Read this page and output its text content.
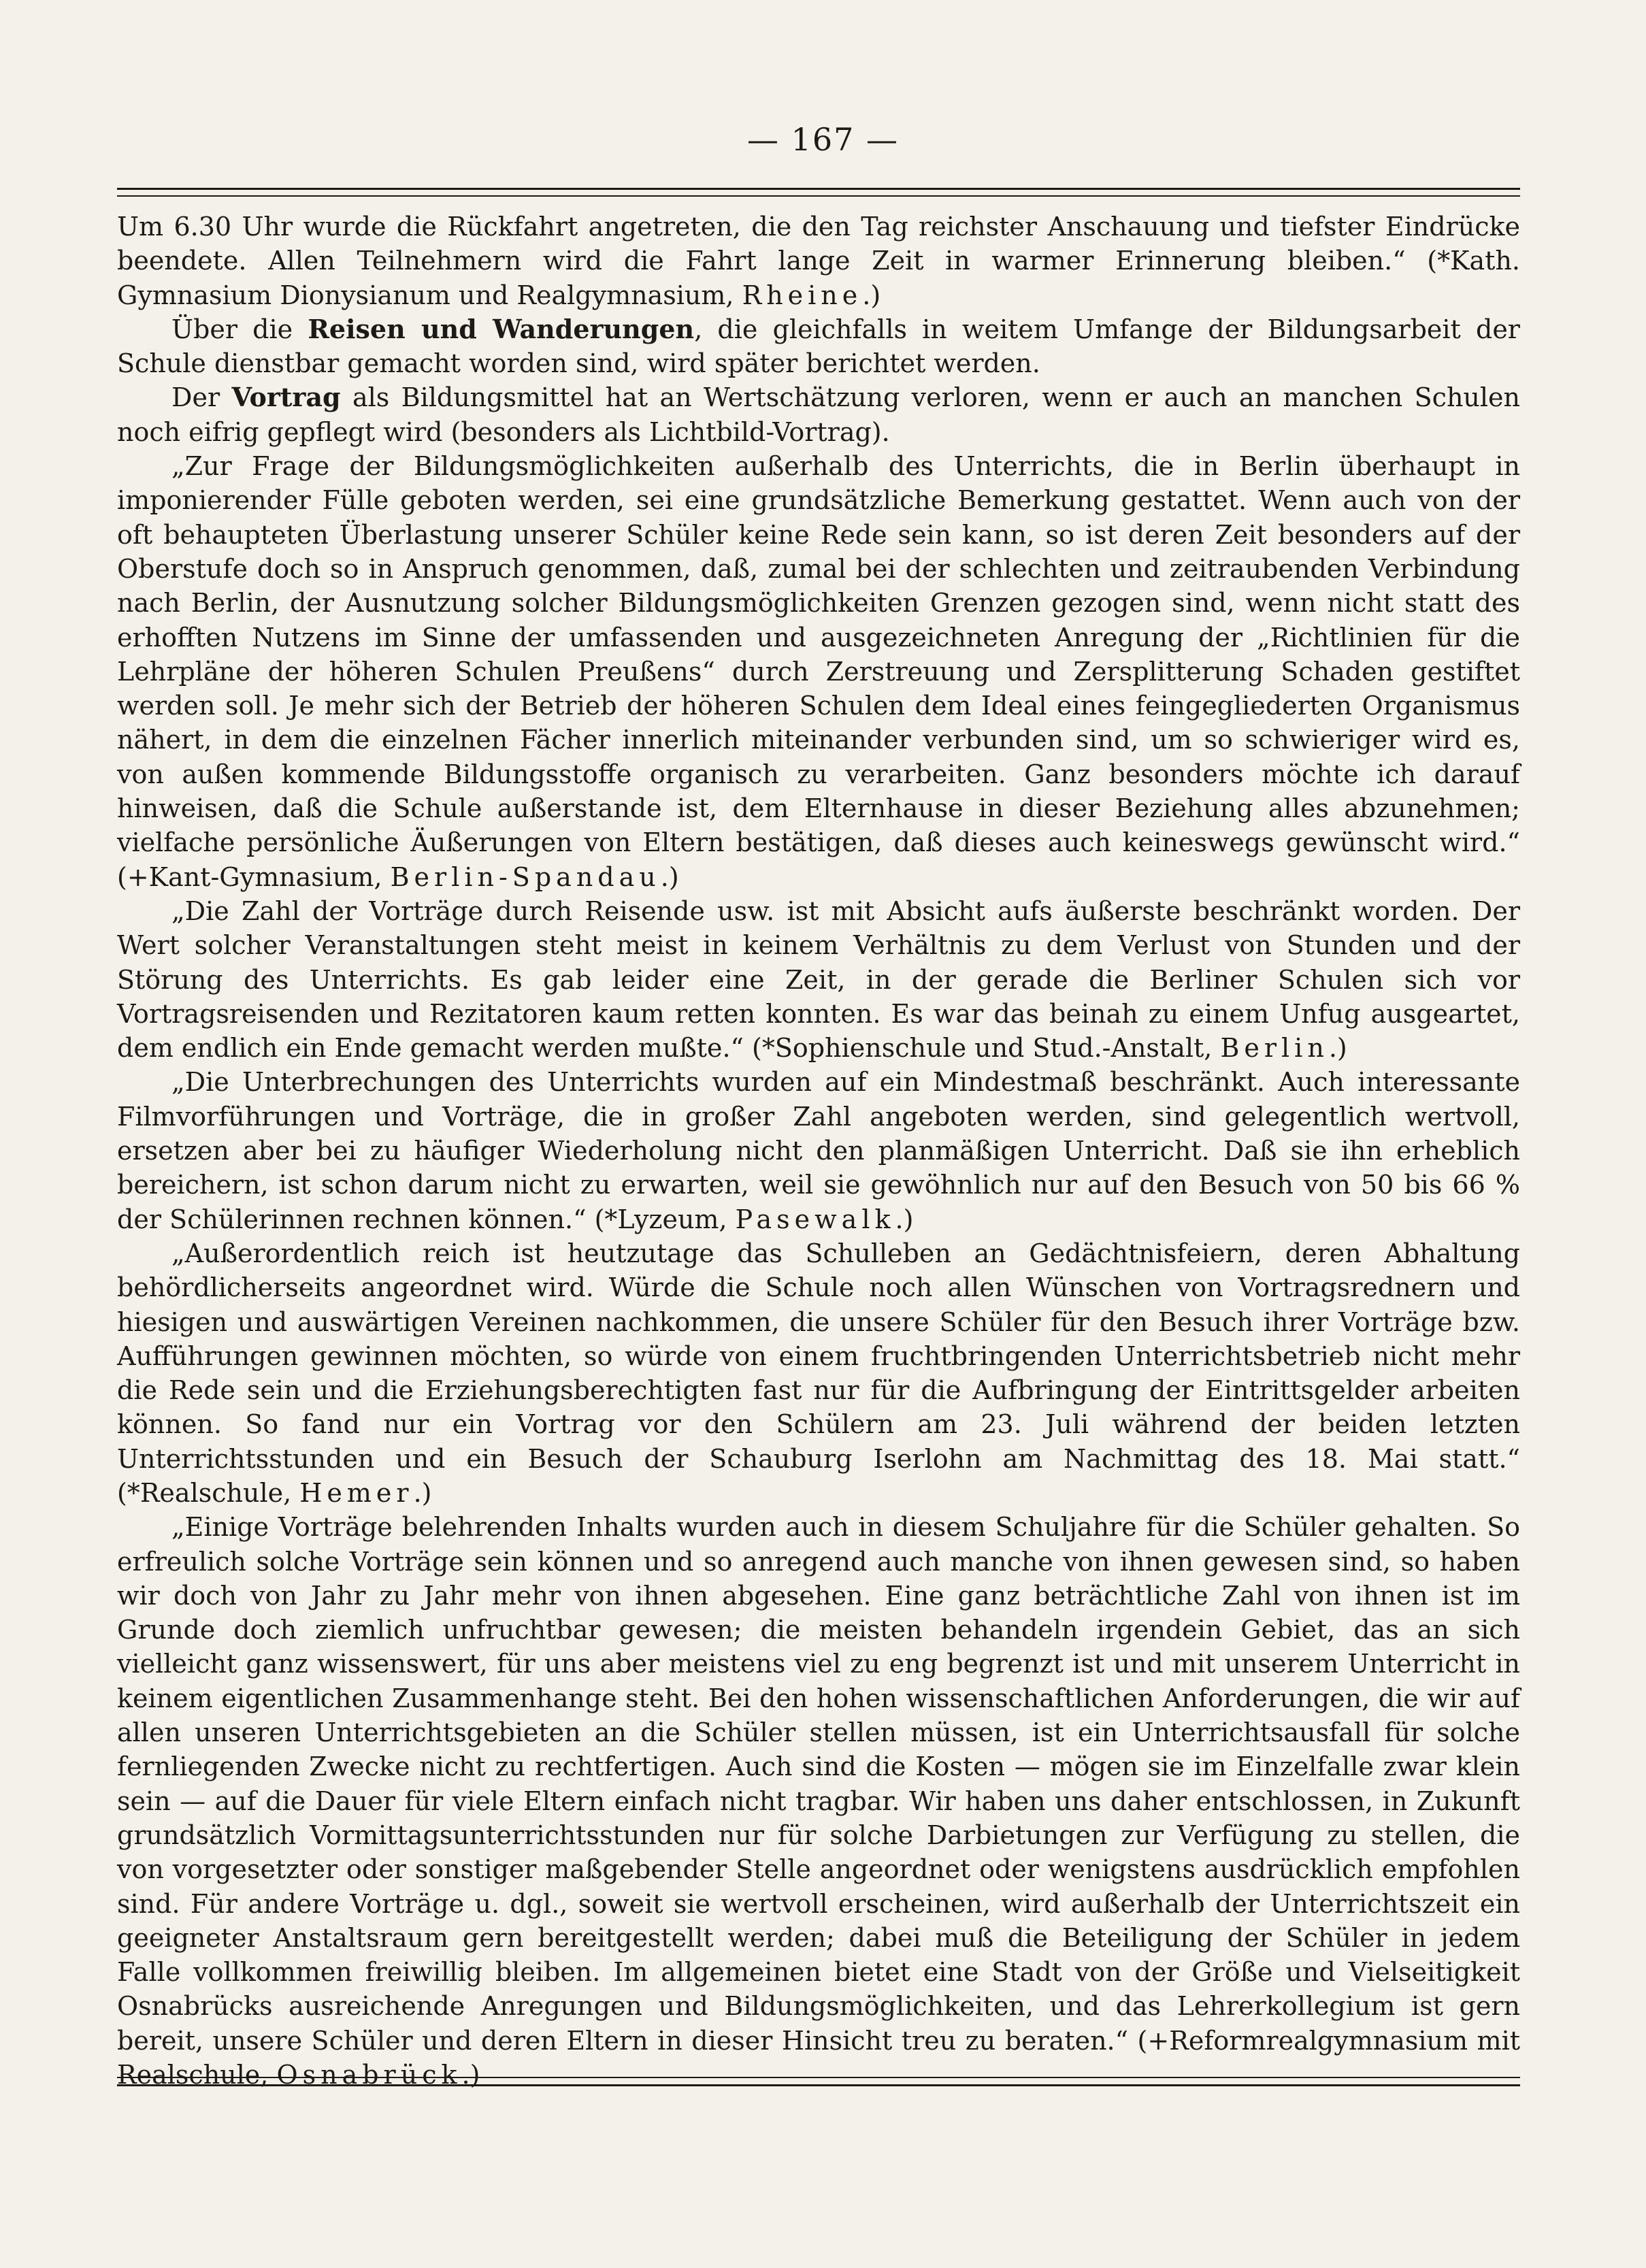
— 167 —

Um 6.30 Uhr wurde die Rückfahrt angetreten, die den Tag reichster Anschauung und tiefster Eindrücke beendete. Allen Teilnehmern wird die Fahrt lange Zeit in warmer Erinnerung bleiben.“ (*Kath. Gymnasium Dionysianum und Realgymnasium, Rheine.)

Über die Reisen und Wanderungen, die gleichfalls in weitem Umfange der Bildungsarbeit der Schule dienstbar gemacht worden sind, wird später berichtet werden.

Der Vortrag als Bildungsmittel hat an Wertschätzung verloren, wenn er auch an manchen Schulen noch eifrig gepflegt wird (besonders als Lichtbild-Vortrag).

„Zur Frage der Bildungsmöglichkeiten außerhalb des Unterrichts, die in Berlin überhaupt in imponierender Fülle geboten werden, sei eine grundsätzliche Bemerkung gestattet. Wenn auch von der oft behaupteten Überlastung unserer Schüler keine Rede sein kann, so ist deren Zeit besonders auf der Oberstufe doch so in Anspruch genommen, daß, zumal bei der schlechten und zeitraubenden Verbindung nach Berlin, der Ausnutzung solcher Bildungsmöglichkeiten Grenzen gezogen sind, wenn nicht statt des erhofften Nutzens im Sinne der umfassenden und ausgezeichneten Anregung der „Richtlinien für die Lehrpläne der höheren Schulen Preußens“ durch Zerstreuung und Zersplitterung Schaden gestiftet werden soll. Je mehr sich der Betrieb der höheren Schulen dem Ideal eines feingegliederten Organismus nähert, in dem die einzelnen Fächer innerlich miteinander verbunden sind, um so schwieriger wird es, von außen kommende Bildungsstoffe organisch zu verarbeiten. Ganz besonders möchte ich darauf hinweisen, daß die Schule außerstande ist, dem Elternhause in dieser Beziehung alles abzunehmen; vielfache persönliche Äußerungen von Eltern bestätigen, daß dieses auch keineswegs gewünscht wird.“ (+Kant-Gymnasium, Berlin-Spandau.)

„Die Zahl der Vorträge durch Reisende usw. ist mit Absicht aufs äußerste beschränkt worden. Der Wert solcher Veranstaltungen steht meist in keinem Verhältnis zu dem Verlust von Stunden und der Störung des Unterrichts. Es gab leider eine Zeit, in der gerade die Berliner Schulen sich vor Vortragsreisenden und Rezitatoren kaum retten konnten. Es war das beinah zu einem Unfug ausgeartet, dem endlich ein Ende gemacht werden mußte.“ (*Sophienschule und Stud.-Anstalt, Berlin.)

„Die Unterbrechungen des Unterrichts wurden auf ein Mindestmaß beschränkt. Auch interessante Filmvorführungen und Vorträge, die in großer Zahl angeboten werden, sind gelegentlich wertvoll, ersetzen aber bei zu häufiger Wiederholung nicht den planmäßigen Unterricht. Daß sie ihn erheblich bereichern, ist schon darum nicht zu erwarten, weil sie gewöhnlich nur auf den Besuch von 50 bis 66 % der Schülerinnen rechnen können.“ (*Lyzeum, Pasewalk.)

„Außerordentlich reich ist heutzutage das Schulleben an Gedächtnisfeiern, deren Abhaltung behördlicherseits angeordnet wird. Würde die Schule noch allen Wünschen von Vortragsrednern und hiesigen und auswärtigen Vereinen nachkommen, die unsere Schüler für den Besuch ihrer Vorträge bzw. Aufführungen gewinnen möchten, so würde von einem fruchtbringenden Unterrichtsbetrieb nicht mehr die Rede sein und die Erziehungsberechtigten fast nur für die Aufbringung der Eintrittsgelder arbeiten können. So fand nur ein Vortrag vor den Schülern am 23. Juli während der beiden letzten Unterrichtsstunden und ein Besuch der Schauburg Iserlohn am Nachmittag des 18. Mai statt.“ (*Realschule, Hemer.)

„Einige Vorträge belehrenden Inhalts wurden auch in diesem Schuljahre für die Schüler gehalten. So erfreulich solche Vorträge sein können und so anregend auch manche von ihnen gewesen sind, so haben wir doch von Jahr zu Jahr mehr von ihnen abgesehen. Eine ganz beträchtliche Zahl von ihnen ist im Grunde doch ziemlich unfruchtbar gewesen; die meisten behandeln irgendein Gebiet, das an sich vielleicht ganz wissenswert, für uns aber meistens viel zu eng begrenzt ist und mit unserem Unterricht in keinem eigentlichen Zusammenhange steht. Bei den hohen wissenschaftlichen Anforderungen, die wir auf allen unseren Unterrichtsgebieten an die Schüler stellen müssen, ist ein Unterrichtsausfall für solche fernliegenden Zwecke nicht zu rechtfertigen. Auch sind die Kosten — mögen sie im Einzelfalle zwar klein sein — auf die Dauer für viele Eltern einfach nicht tragbar. Wir haben uns daher entschlossen, in Zukunft grundsätzlich Vormittagsunterrichtsstunden nur für solche Darbietungen zur Verfügung zu stellen, die von vorgesetzter oder sonstiger maßgebender Stelle angeordnet oder wenigstens ausdrücklich empfohlen sind. Für andere Vorträge u. dgl., soweit sie wertvoll erscheinen, wird außerhalb der Unterrichtszeit ein geeigneter Anstaltsraum gern bereitgestellt werden; dabei muß die Beteiligung der Schüler in jedem Falle vollkommen freiwillig bleiben. Im allgemeinen bietet eine Stadt von der Größe und Vielseitigkeit Osnabrücks ausreichende Anregungen und Bildungsmöglichkeiten, und das Lehrerkollegium ist gern bereit, unsere Schüler und deren Eltern in dieser Hinsicht treu zu beraten.“ (+Reformrealgymnasium mit Realschule, Osnabrück.)
